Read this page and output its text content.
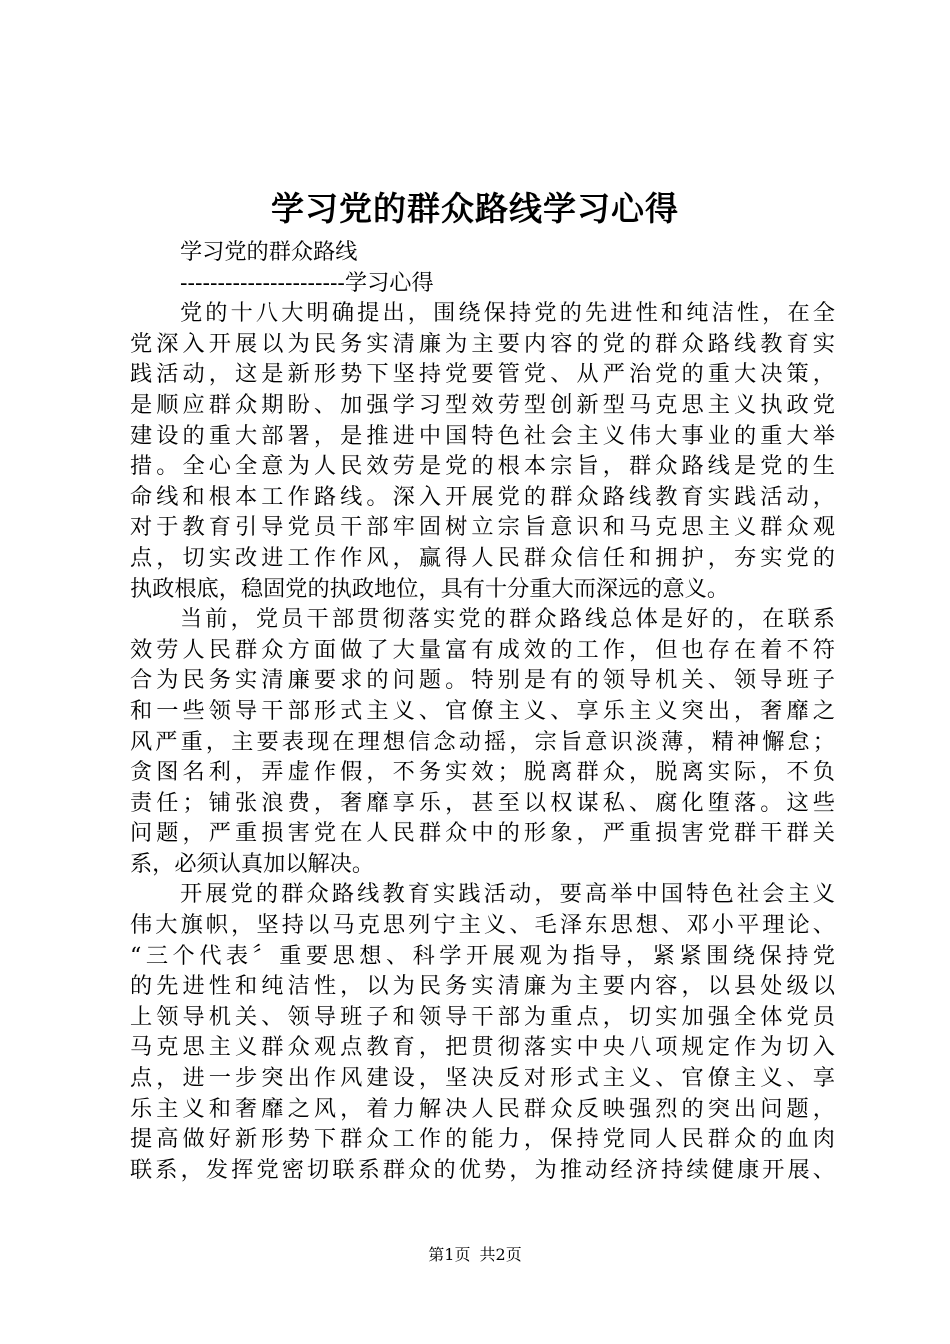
学习党的群众路线学习心得
学习党的群众路线
----------------------学习心得
党的十八大明确提出，围绕保持党的先进性和纯洁性，在全
党深入开展以为民务实清廉为主要内容的党的群众路线教育实
践活动，这是新形势下坚持党要管党、从严治党的重大决策，
是顺应群众期盼、加强学习型效劳型创新型马克思主义执政党
建设的重大部署，是推进中国特色社会主义伟大事业的重大举
措。全心全意为人民效劳是党的根本宗旨，群众路线是党的生
命线和根本工作路线。深入开展党的群众路线教育实践活动，
对于教育引导党员干部牢固树立宗旨意识和马克思主义群众观
点，切实改进工作作风，赢得人民群众信任和拥护，夯实党的
执政根底，稳固党的执政地位，具有十分重大而深远的意义。
当前，党员干部贯彻落实党的群众路线总体是好的，在联系
效劳人民群众方面做了大量富有成效的工作，但也存在着不符
合为民务实清廉要求的问题。特别是有的领导机关、领导班子
和一些领导干部形式主义、官僚主义、享乐主义突出，奢靡之
风严重，主要表现在理想信念动摇，宗旨意识淡薄，精神懈怠；
贪图名利，弄虚作假，不务实效；脱离群众，脱离实际，不负
责任；铺张浪费，奢靡享乐，甚至以权谋私、腐化堕落。这些
问题，严重损害党在人民群众中的形象，严重损害党群干群关
系，必须认真加以解决。
开展党的群众路线教育实践活动，要高举中国特色社会主义
伟大旗帜，坚持以马克思列宁主义、毛泽东思想、邓小平理论、
“三个代表〞重要思想、科学开展观为指导，紧紧围绕保持党
的先进性和纯洁性，以为民务实清廉为主要内容，以县处级以
上领导机关、领导班子和领导干部为重点，切实加强全体党员
马克思主义群众观点教育，把贯彻落实中央八项规定作为切入
点，进一步突出作风建设，坚决反对形式主义、官僚主义、享
乐主义和奢靡之风，着力解决人民群众反映强烈的突出问题，
提高做好新形势下群众工作的能力，保持党同人民群众的血肉
联系，发挥党密切联系群众的优势，为推动经济持续健康开展、
第1页 共2页
